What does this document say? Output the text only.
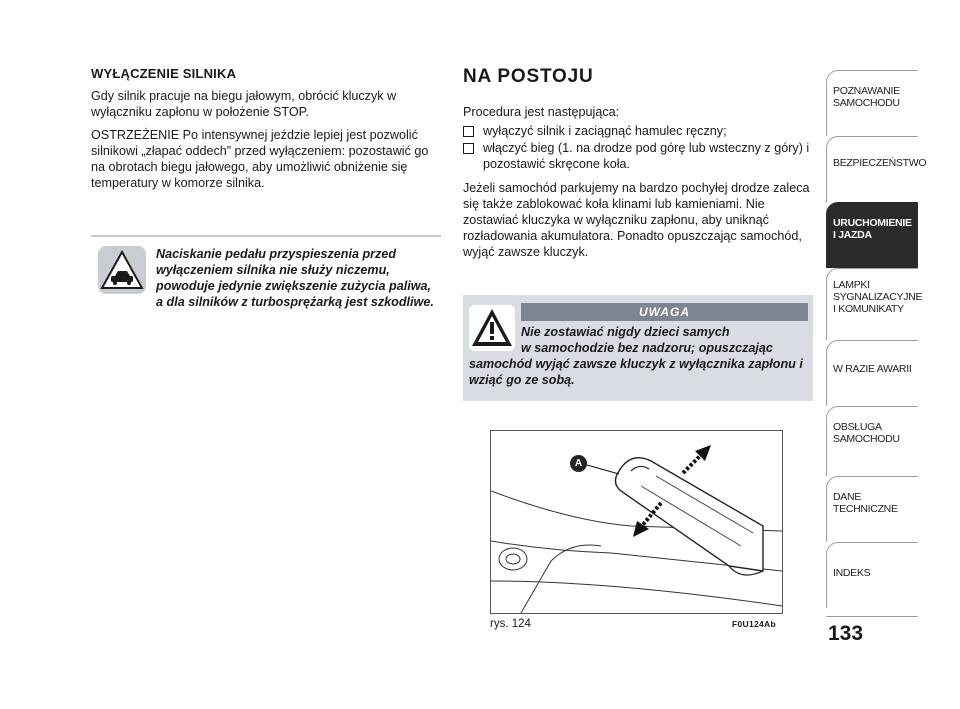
WYŁĄCZENIE SILNIKA
Gdy silnik pracuje na biegu jałowym, obrócić kluczyk w wyłączniku zapłonu w położenie STOP.
OSTRZEŻENIE Po intensywnej jeździe lepiej jest pozwolić silnikowi „złapać oddech” przed wyłączeniem: pozostawić go na obrotach biegu jałowego, aby umożliwić obniżenie się temperatury w komorze silnika.
Naciskanie pedału przyspieszenia przed wyłączeniem silnika nie służy niczemu, powoduje jedynie zwiększenie zużycia paliwa, a dla silników z turbosprężarką jest szkodliwe.
NA POSTOJU
Procedura jest następująca:
wyłączyć silnik i zaciągnąć hamulec ręczny;
włączyć bieg (1. na drodze pod górę lub wsteczny z góry) i pozostawić skręcone koła.
Jeżeli samochód parkujemy na bardzo pochyłej drodze zaleca się także zablokować koła klinami lub kamieniami. Nie zostawiać kluczyka w wyłączniku zapłonu, aby uniknąć rozładowania akumulatora. Ponadto opuszczając samochód, wyjąć zawsze kluczyk.
UWAGA
Nie zostawiać nigdy dzieci samych
w samochodzie bez nadzoru; opuszczając
samochód wyjąć zawsze kluczyk z wyłącznika zapłonu i wziąć go ze sobą.
A
rys. 124	F0U124Ab
POZNAWANIE
SAMOCHODU
BEZPIECZEŃSTWO
URUCHOMIENIE
I JAZDA
LAMPKI
SYGNALIZACYJNE
I KOMUNIKATY
W RAZIE AWARII
OBSŁUGA
SAMOCHODU
DANE
TECHNICZNE
INDEKS
133
